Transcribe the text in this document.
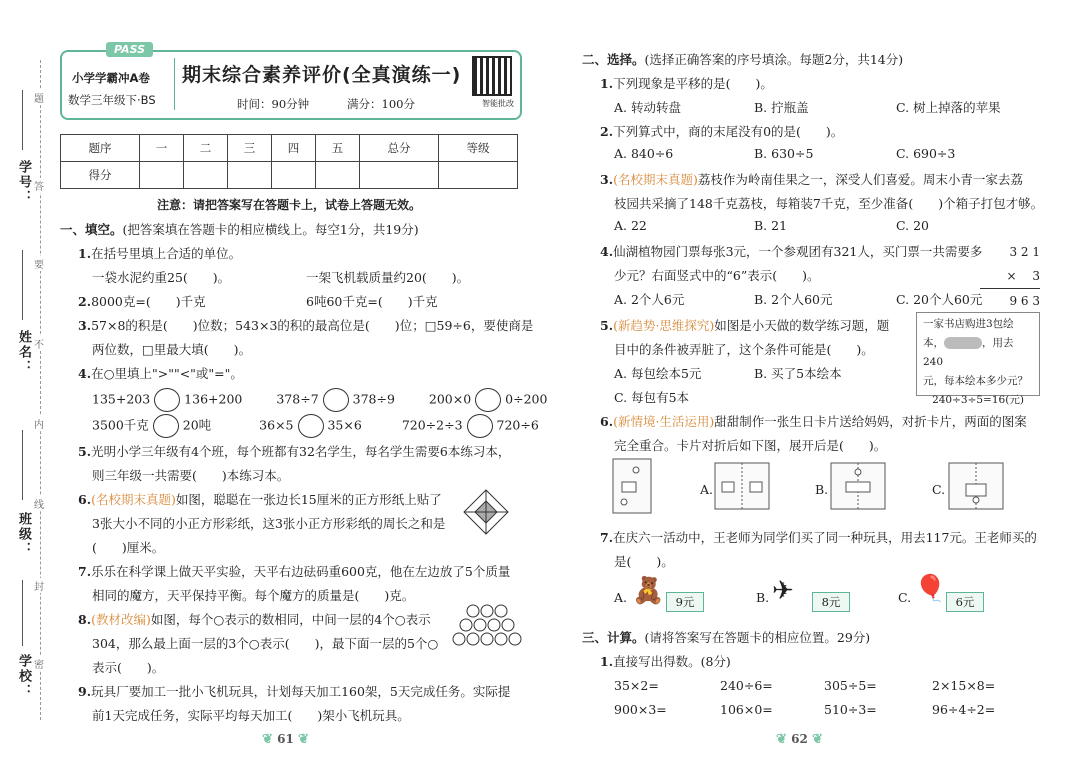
题
答
要
不
内
线
封
密
学号：
姓名：
班级：
学校：
PASS
小学学霸冲A卷
数学三年级下·BS
期末综合素养评价(全真演练一)
时间：90分钟	满分：100分	智能批改
题序	一	二	三	四	五	总分	等级
得分							
注意：请把答案写在答题卡上，试卷上答题无效。
一、填空。(把答案填在答题卡的相应横线上。每空1分，共19分)
1.在括号里填上合适的单位。
一袋水泥约重25(　　)。	一架飞机载质量约20(　　)。
2.8000克=(　　)千克	6吨60千克=(　　)千克
3.57×8的积是(　　)位数；543×3的积的最高位是(　　)位；□59÷6，要使商是
两位数，□里最大填(　　)。
4.在○里填上">""<"或"="。
135+203	136+200	378÷7	378÷9	200×0	0÷200
3500千克	20吨	36×5	35×6	720÷2÷3	720÷6
5.光明小学三年级有4个班，每个班都有32名学生，每名学生需要6本练习本，
则三年级一共需要(　　)本练习本。
6.(名校期末真题)如图，聪聪在一张边长15厘米的正方形纸上贴了
3张大小不同的小正方形彩纸，这3张小正方形彩纸的周长之和是
(　　)厘米。
7.乐乐在科学课上做天平实验，天平右边砝码重600克，他在左边放了5个质量
相同的魔方，天平保持平衡。每个魔方的质量是(　　)克。
8.(教材改编)如图，每个○表示的数相同，中间一层的4个○表示
304，那么最上面一层的3个○表示(　　)，最下面一层的5个○
表示(　　)。
9.玩具厂要加工一批小飞机玩具，计划每天加工160架，5天完成任务。实际提
前1天完成任务，实际平均每天加工(　　)架小飞机玩具。
❦ 61 ❦
二、选择。(选择正确答案的序号填涂。每题2分，共14分)
1.下列现象是平移的是(　　)。
A. 转动转盘	B. 拧瓶盖	C. 树上掉落的苹果
2.下列算式中，商的末尾没有0的是(　　)。
A. 840÷6	B. 630÷5	C. 690÷3
3.(名校期末真题)荔枝作为岭南佳果之一，深受人们喜爱。周末小青一家去荔
枝园共采摘了148千克荔枝，每箱装7千克，至少准备(　　)个箱子打包才够。
A. 22	B. 21	C. 20
4.仙湖植物园门票每张3元，一个参观团有321人，买门票一共需要多
少元？右面竖式中的“6”表示(　　)。
A. 2个人6元	B. 2个人60元	C. 20个人60元
3 2 1
×　 3
9 6 3
5.(新趋势·思维探究)如图是小天做的数学练习题，题
目中的条件被弄脏了，这个条件可能是(　　)。
A. 每包绘本5元	B. 买了5本绘本
C. 每包有5本
一家书店购进3包绘
本，	，用去240
元，每本绘本多少元？
240÷3÷5=16(元)
6.(新情境·生活运用)甜甜制作一张生日卡片送给妈妈，对折卡片，两面的图案
完全重合。卡片对折后如下图，展开后是(　　)。
A.	B.	C.
7.在庆六一活动中，王老师为同学们买了同一种玩具，用去117元。王老师买的
是(　　)。
A. 🧸 9元	B. ✈	8元	C. 🎈 6元
三、计算。(请将答案写在答题卡的相应位置。29分)
1.直接写出得数。(8分)
35×2=	240÷6=	305÷5=	2×15×8=
900×3=	106×0=	510÷3=	96÷4÷2=
❦ 62 ❦
